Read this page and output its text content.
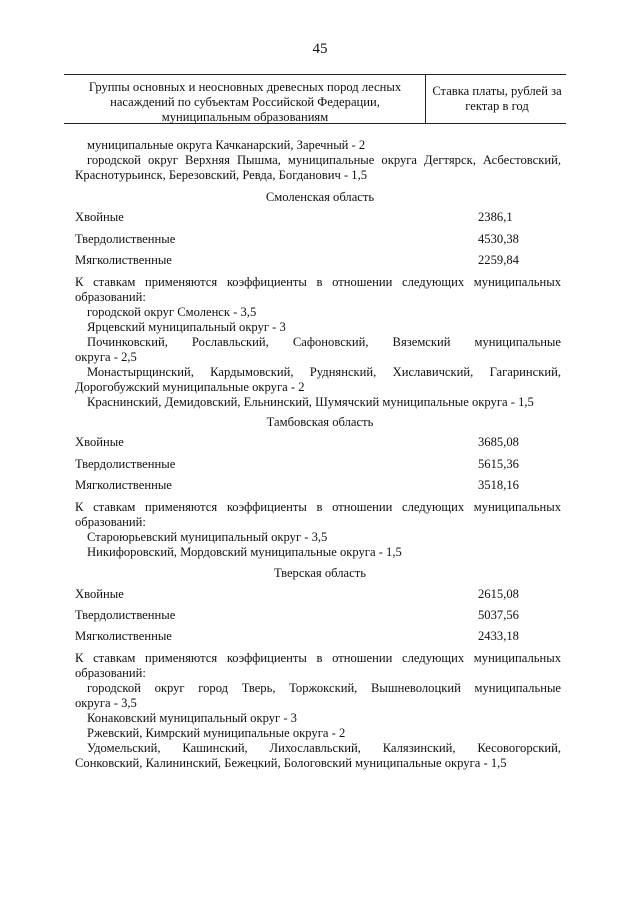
45
Группы основных и неосновных древесных пород лесных насаждений по субъектам Российской Федерации, муниципальным образованиям
Ставка платы, рублей за гектар в год
муниципальные округа Качканарский, Заречный - 2
городской округ Верхняя Пышма, муниципальные округа Дегтярск, Асбестовский,
Краснотурьинск, Березовский, Ревда, Богданович - 1,5
Смоленская область
Хвойные	2386,1
Твердолиственные	4530,38
Мягколиственные	2259,84
К ставкам применяются коэффициенты в отношении следующих муниципальных
образований:
городской округ Смоленск - 3,5
Ярцевский муниципальный округ - 3
Починковский, Рославльский, Сафоновский, Вяземский муниципальные
округа - 2,5
Монастырщинский, Кардымовский, Руднянский, Хиславичский, Гагаринский,
Дорогобужский муниципальные округа - 2
Краснинский, Демидовский, Ельнинский, Шумячский муниципальные округа - 1,5
Тамбовская область
Хвойные	3685,08
Твердолиственные	5615,36
Мягколиственные	3518,16
К ставкам применяются коэффициенты в отношении следующих муниципальных
образований:
Староюрьевский муниципальный округ - 3,5
Никифоровский, Мордовский муниципальные округа - 1,5
Тверская область
Хвойные	2615,08
Твердолиственные	5037,56
Мягколиственные	2433,18
К ставкам применяются коэффициенты в отношении следующих муниципальных
образований:
городской округ город Тверь, Торжокский, Вышневолоцкий муниципальные
округа - 3,5
Конаковский муниципальный округ - 3
Ржевский, Кимрский муниципальные округа - 2
Удомельский, Кашинский, Лихославльский, Калязинский, Кесовогорский,
Сонковский, Калининский, Бежецкий, Бологовский муниципальные округа - 1,5
